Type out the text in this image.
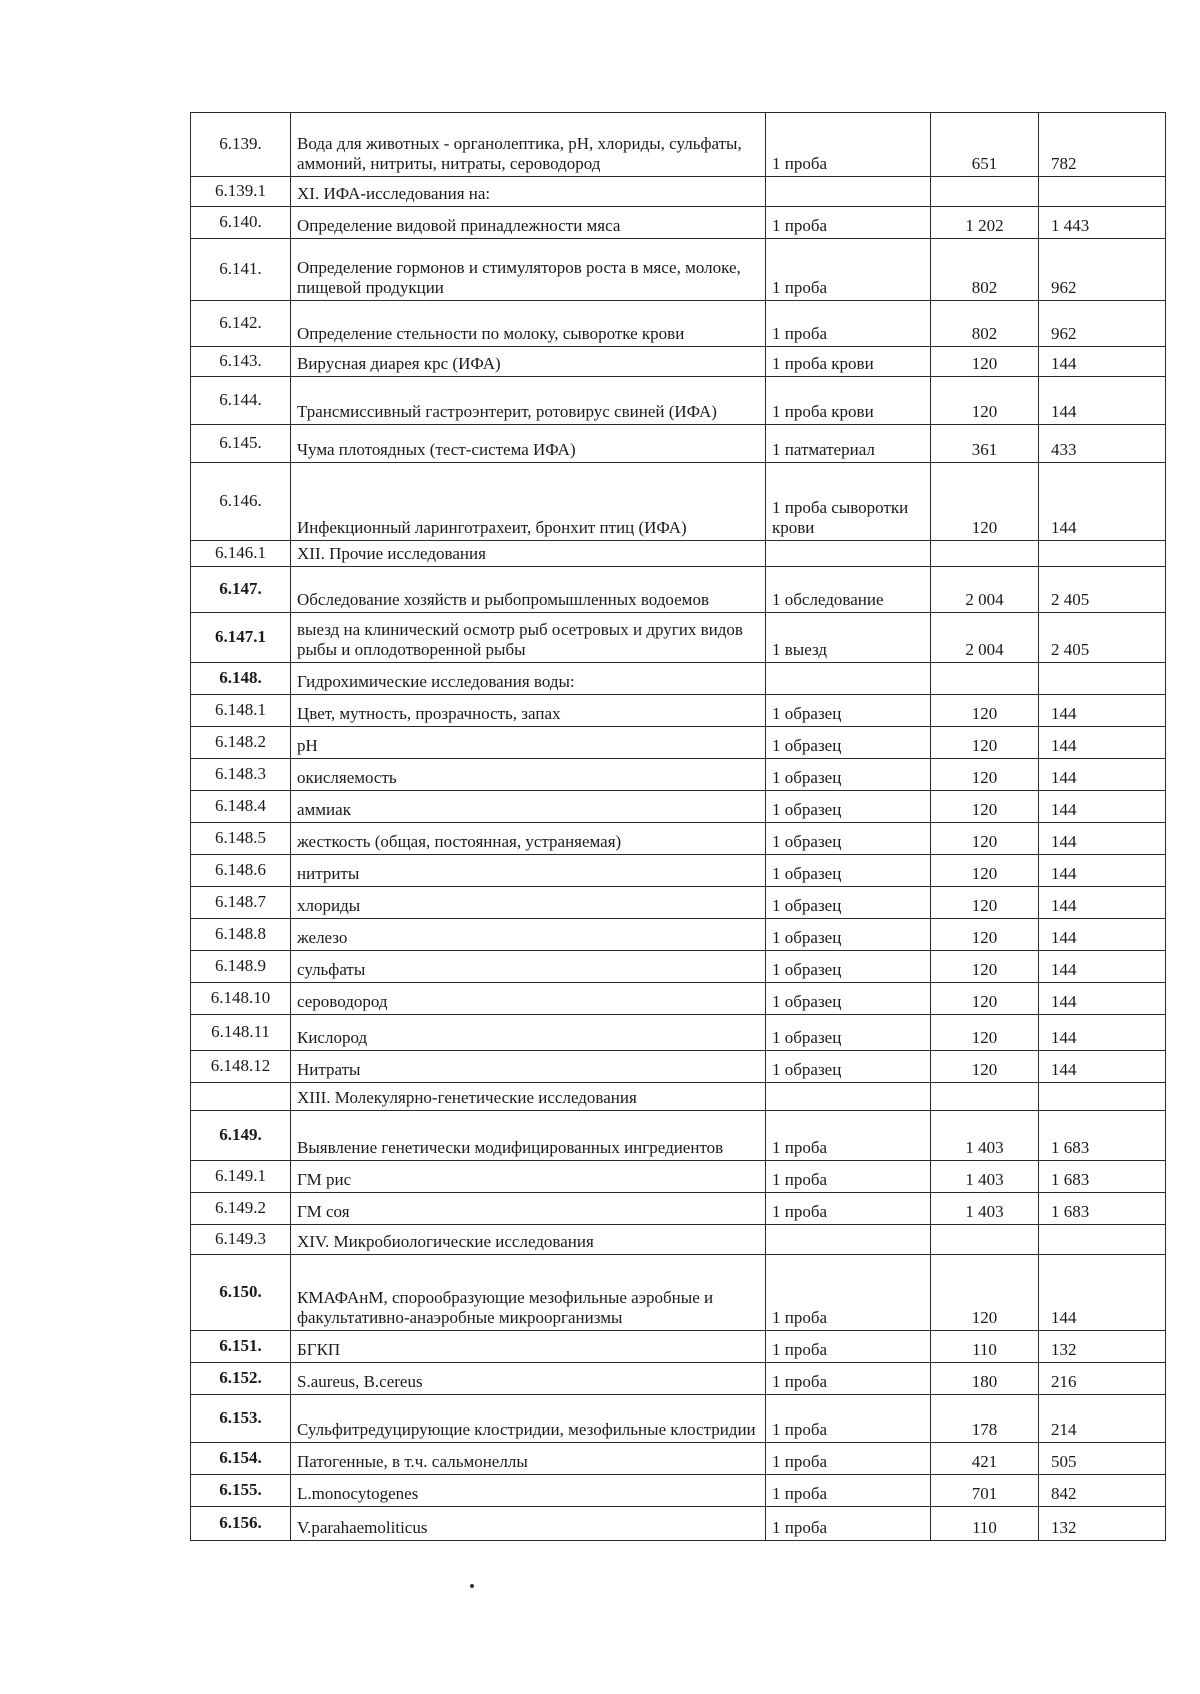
6.139.	Вода для животных - органолептика, рН, хлориды, сульфаты, аммоний, нитриты, нитраты, сероводород	1 проба	651	782
6.139.1	XI. ИФА-исследования на:			
6.140.	Определение видовой принадлежности мяса	1 проба	1 202	1 443
6.141.	Определение гормонов и стимуляторов роста в мясе, молоке, пищевой продукции	1 проба	802	962
6.142.	Определение стельности по молоку, сыворотке крови	1 проба	802	962
6.143.	Вирусная диарея крс (ИФА)	1 проба крови	120	144
6.144.	Трансмиссивный гастроэнтерит, ротовирус свиней (ИФА)	1 проба крови	120	144
6.145.	Чума плотоядных (тест-система ИФА)	1 патматериал	361	433
6.146.	Инфекционный ларинготрахеит, бронхит птиц (ИФА)	1 проба сыворотки крови	120	144
6.146.1	XII. Прочие исследования			
6.147.	Обследование хозяйств и рыбопромышленных водоемов	1 обследование	2 004	2 405
6.147.1	выезд на клинический осмотр рыб осетровых и других видов рыбы и оплодотворенной рыбы	1 выезд	2 004	2 405
6.148.	Гидрохимические исследования воды:			
6.148.1	Цвет, мутность, прозрачность, запах	1 образец	120	144
6.148.2	рН	1 образец	120	144
6.148.3	окисляемость	1 образец	120	144
6.148.4	аммиак	1 образец	120	144
6.148.5	жесткость (общая, постоянная, устраняемая)	1 образец	120	144
6.148.6	нитриты	1 образец	120	144
6.148.7	хлориды	1 образец	120	144
6.148.8	железо	1 образец	120	144
6.148.9	сульфаты	1 образец	120	144
6.148.10	сероводород	1 образец	120	144
6.148.11	Кислород	1 образец	120	144
6.148.12	Нитраты	1 образец	120	144
	XIII. Молекулярно-генетические исследования			
6.149.	Выявление генетически модифицированных ингредиентов	1 проба	1 403	1 683
6.149.1	ГМ рис	1 проба	1 403	1 683
6.149.2	ГМ соя	1 проба	1 403	1 683
6.149.3	XIV. Микробиологические исследования			
6.150.	КМАФАнМ, спорообразующие мезофильные аэробные и факультативно-анаэробные микроорганизмы	1 проба	120	144
6.151.	БГКП	1 проба	110	132
6.152.	S.aureus, B.cereus	1 проба	180	216
6.153.	Сульфитредуцирующие клостридии, мезофильные клостридии	1 проба	178	214
6.154.	Патогенные, в т.ч. сальмонеллы	1 проба	421	505
6.155.	L.monocytogenes	1 проба	701	842
6.156.	V.parahaemoliticus	1 проба	110	132
